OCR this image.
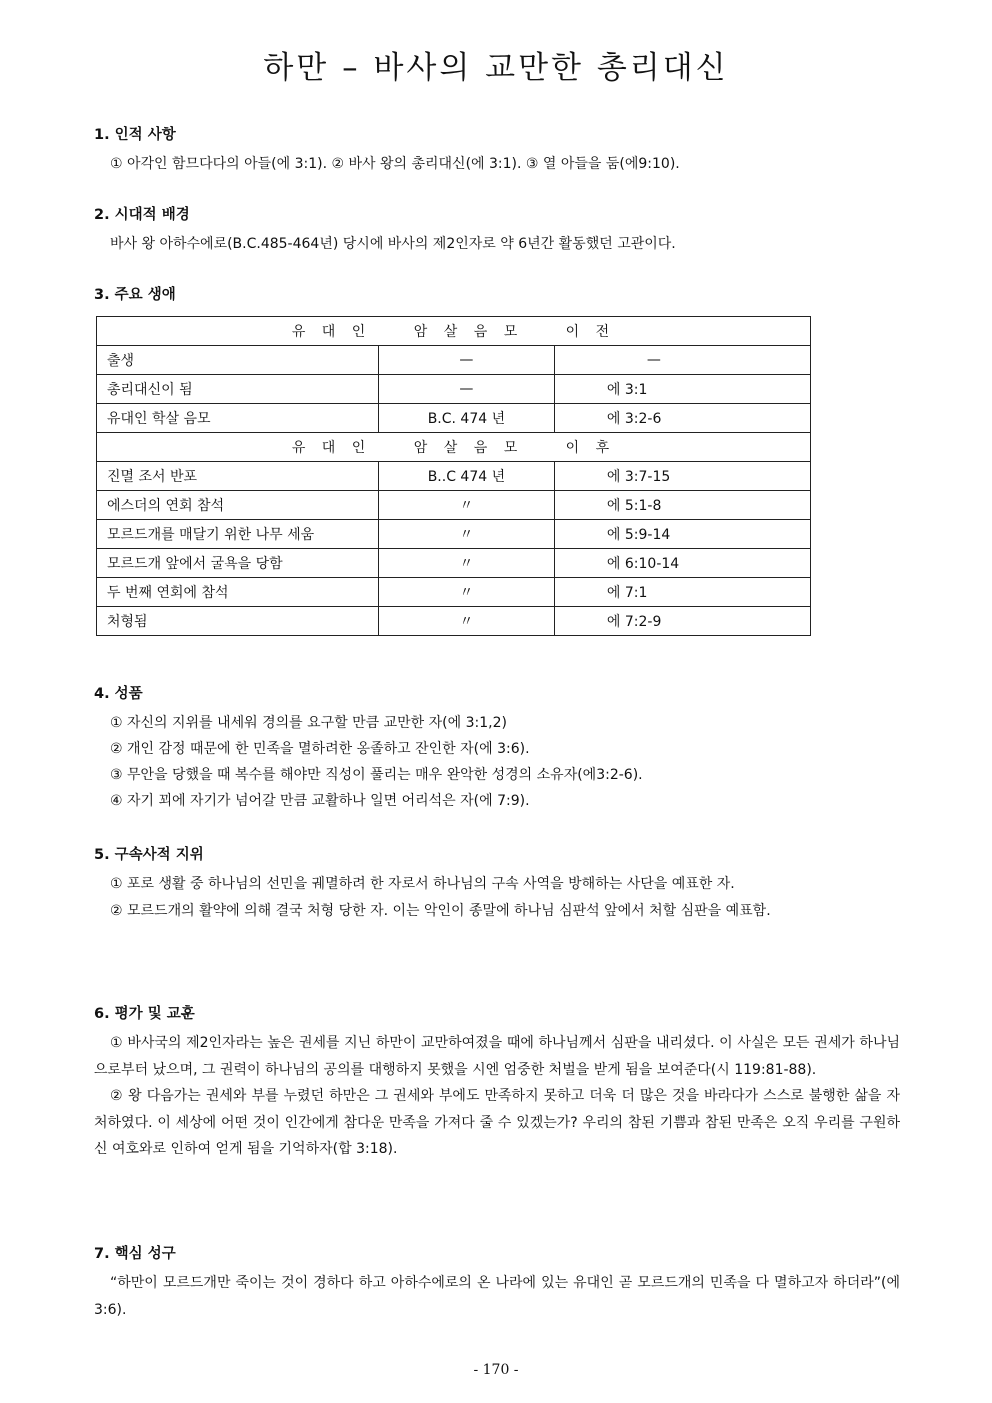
하만 – 바사의 교만한 총리대신

1. 인적 사항

① 아각인 함므다다의 아들(에 3:1). ② 바사 왕의 총리대신(에 3:1). ③ 열 아들을 둠(에9:10).

2. 시대적 배경

바사 왕 아하수에로(B.C.485-464년) 당시에 바사의 제2인자로 약 6년간 활동했던 고관이다.

3. 주요 생애

유 대 인 암 살 음 모 이 전		
출생	—	—
총리대신이 됨	—	에 3:1
유대인 학살 음모	B.C. 474 년	에 3:2-6
유 대 인 암 살 음 모 이 후		
진멸 조서 반포	B..C 474 년	에 3:7-15
에스더의 연회 참석	〃	에 5:1-8
모르드개를 매달기 위한 나무 세움	〃	에 5:9-14
모르드개 앞에서 굴욕을 당함	〃	에 6:10-14
두 번째 연회에 참석	〃	에 7:1
처형됨	〃	에 7:2-9

4. 성품

① 자신의 지위를 내세워 경의를 요구할 만큼 교만한 자(에 3:1,2)

② 개인 감정 때문에 한 민족을 멸하려한 옹졸하고 잔인한 자(에 3:6).

③ 무안을 당했을 때 복수를 해야만 직성이 풀리는 매우 완악한 성경의 소유자(에3:2-6).

④ 자기 꾀에 자기가 넘어갈 만큼 교활하나 일면 어리석은 자(에 7:9).

5. 구속사적 지위

① 포로 생활 중 하나님의 선민을 궤멸하려 한 자로서 하나님의 구속 사역을 방해하는 사단을 예표한 자.

② 모르드개의 활약에 의해 결국 처형 당한 자. 이는 악인이 종말에 하나님 심판석 앞에서 처할 심판을 예표함.

6. 평가 및 교훈

① 바사국의 제2인자라는 높은 권세를 지닌 하만이 교만하여졌을 때에 하나님께서 심판을 내리셨다. 이 사실은 모든 권세가 하나님으로부터 났으며, 그 권력이 하나님의 공의를 대행하지 못했을 시엔 엄중한 처벌을 받게 됨을 보여준다(시 119:81-88).

② 왕 다음가는 권세와 부를 누렸던 하만은 그 권세와 부에도 만족하지 못하고 더욱 더 많은 것을 바라다가 스스로 불행한 삶을 자처하였다. 이 세상에 어떤 것이 인간에게 참다운 만족을 가져다 줄 수 있겠는가? 우리의 참된 기쁨과 참된 만족은 오직 우리를 구원하신 여호와로 인하여 얻게 됨을 기억하자(합 3:18).

7. 핵심 성구

“하만이 모르드개만 죽이는 것이 경하다 하고 아하수에로의 온 나라에 있는 유대인 곧 모르드개의 민족을 다 멸하고자 하더라”(에 3:6).

- 170 -
